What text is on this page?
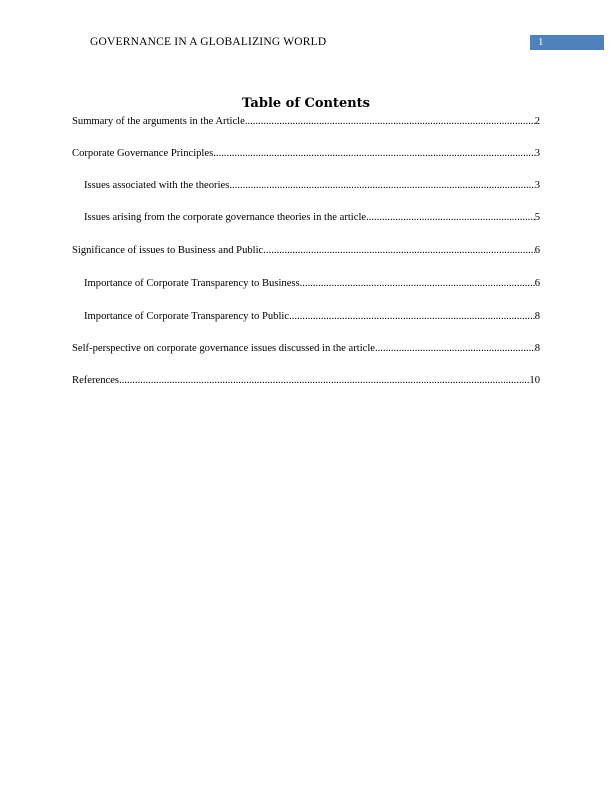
GOVERNANCE IN A GLOBALIZING WORLD	1
Table of Contents
Summary of the arguments in the Article .....	2
Corporate Governance Principles .....	3
Issues associated with the theories .....	3
Issues arising from the corporate governance theories in the article .....	5
Significance of issues to Business and Public .....	6
Importance of Corporate Transparency to Business .....	6
Importance of Corporate Transparency to Public .....	8
Self-perspective on corporate governance issues discussed in the article .....	8
References .....	10
